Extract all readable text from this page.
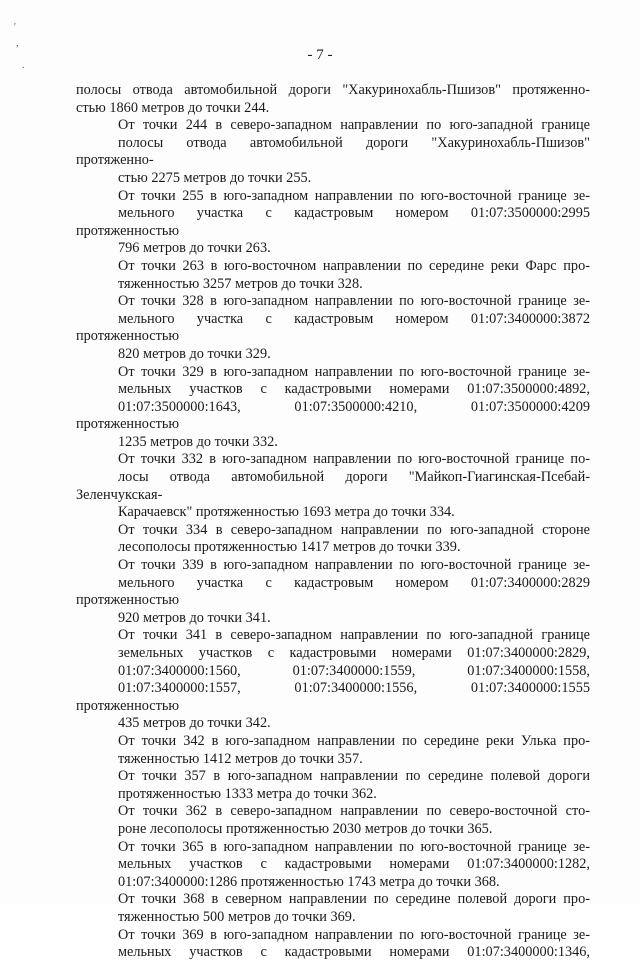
'
,
.
- 7 -
полосы отвода автомобильной дороги "Хакуринохабль-Пшизов" протяженно-
стью 1860 метров до точки 244.
От точки 244 в северо-западном направлении по юго-западной границе
полосы отвода автомобильной дороги "Хакуринохабль-Пшизов" протяженно-
стью 2275 метров до точки 255.
От точки 255 в юго-западном направлении по юго-восточной границе зе-
мельного участка с кадастровым номером 01:07:3500000:2995 протяженностью
796 метров до точки 263.
От точки 263 в юго-восточном направлении по середине реки Фарс про-
тяженностью 3257 метров до точки 328.
От точки 328 в юго-западном направлении по юго-восточной границе зе-
мельного участка с кадастровым номером 01:07:3400000:3872 протяженностью
820 метров до точки 329.
От точки 329 в юго-западном направлении по юго-восточной границе зе-
мельных участков с кадастровыми номерами 01:07:3500000:4892,
01:07:3500000:1643, 01:07:3500000:4210, 01:07:3500000:4209 протяженностью
1235 метров до точки 332.
От точки 332 в юго-западном направлении по юго-восточной границе по-
лосы отвода автомобильной дороги "Майкоп-Гиагинская-Псебай-Зеленчукская-
Карачаевск" протяженностью 1693 метра до точки 334.
От точки 334 в северо-западном направлении по юго-западной стороне
лесополосы протяженностью 1417 метров до точки 339.
От точки 339 в юго-западном направлении по юго-восточной границе зе-
мельного участка с кадастровым номером 01:07:3400000:2829 протяженностью
920 метров до точки 341.
От точки 341 в северо-западном направлении по юго-западной границе
земельных участков с кадастровыми номерами 01:07:3400000:2829,
01:07:3400000:1560, 01:07:3400000:1559, 01:07:3400000:1558,
01:07:3400000:1557, 01:07:3400000:1556, 01:07:3400000:1555 протяженностью
435 метров до точки 342.
От точки 342 в юго-западном направлении по середине реки Улька про-
тяженностью 1412 метров до точки 357.
От точки 357 в юго-западном направлении по середине полевой дороги
протяженностью 1333 метра до точки 362.
От точки 362 в северо-западном направлении по северо-восточной сто-
роне лесополосы протяженностью 2030 метров до точки 365.
От точки 365 в юго-западном направлении по юго-восточной границе зе-
мельных участков с кадастровыми номерами 01:07:3400000:1282,
01:07:3400000:1286 протяженностью 1743 метра до точки 368.
От точки 368 в северном направлении по середине полевой дороги про-
тяженностью 500 метров до точки 369.
От точки 369 в юго-западном направлении по юго-восточной границе зе-
мельных участков с кадастровыми номерами 01:07:3400000:1346,
